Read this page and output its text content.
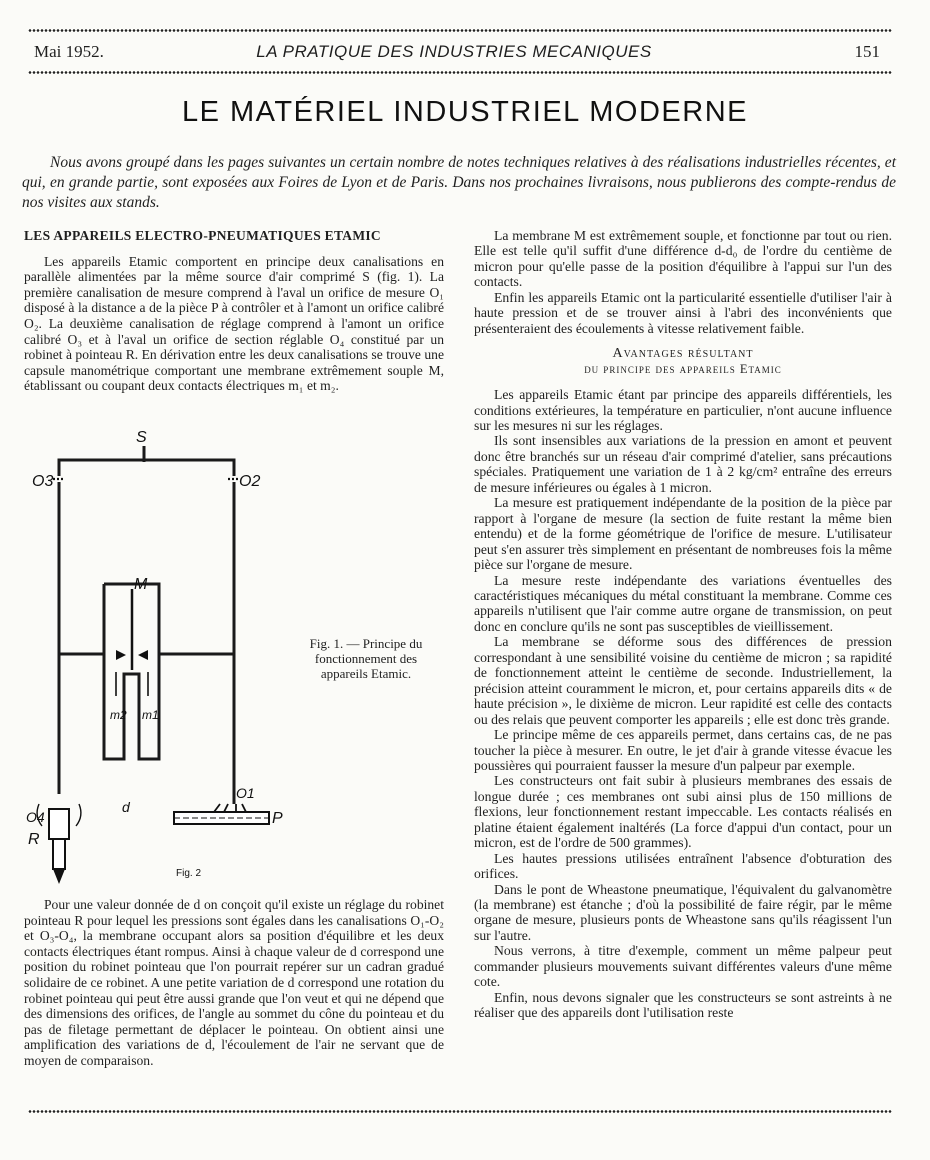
Mai 1952.	LA PRATIQUE DES INDUSTRIES MECANIQUES	151
LE MATÉRIEL INDUSTRIEL MODERNE
Nous avons groupé dans les pages suivantes un certain nombre de notes techniques relatives à des réalisations industrielles récentes, et qui, en grande partie, sont exposées aux Foires de Lyon et de Paris. Dans nos prochaines livraisons, nous publierons des compte-rendus de nos visites aux stands.
LES APPAREILS ELECTRO-PNEUMATIQUES ETAMIC

Les appareils Etamic comportent en principe deux canalisations en parallèle alimentées par la même source d'air comprimé S (fig. 1). La première canalisation de mesure comprend à l'aval un orifice de mesure O₁ disposé à la distance a de la pièce P à contrôler et à l'amont un orifice calibré O₂. La deuxième canalisation de réglage comprend à l'amont un orifice calibré O₃ et à l'aval un orifice de section réglable O₄ constitué par un robinet à pointeau R. En dérivation entre les deux canalisations se trouve une capsule manométrique comportant une membrane extrêmement souple M, établissant ou coupant deux contacts électriques m₁ et m₂.

S
O3	O2
M
m2 m1
O1
O4	P
R
d
Fig. 2
Fig. 1. — Principe du fonctionnement des appareils Etamic.

Pour une valeur donnée de d on conçoit qu'il existe un réglage du robinet pointeau R pour lequel les pressions sont égales dans les canalisations O₁-O₂ et O₃-O₄, la membrane occupant alors sa position d'équilibre et les deux contacts électriques étant rompus. Ainsi à chaque valeur de d correspond une position du robinet pointeau que l'on pourrait repérer sur un cadran gradué solidaire de ce robinet. A une petite variation de d correspond une rotation du robinet pointeau qui peut être aussi grande que l'on veut et qui ne dépend que des dimensions des orifices, de l'angle au sommet du cône du pointeau et du pas de filetage permettant de déplacer le pointeau. On obtient ainsi une amplification des variations de d, l'écoulement de l'air ne servant que de moyen de comparaison.

La membrane M est extrêmement souple, et fonctionne par tout ou rien. Elle est telle qu'il suffit d'une différence d-d₀ de l'ordre du centième de micron pour qu'elle passe de la position d'équilibre à l'appui sur l'un des contacts.

Enfin les appareils Etamic ont la particularité essentielle d'utiliser l'air à haute pression et de se trouver ainsi à l'abri des inconvénients que présenteraient des écoulements à vitesse relativement faible.

Avantages résultant
du principe des appareils Etamic

Les appareils Etamic étant par principe des appareils différentiels, les conditions extérieures, la température en particulier, n'ont aucune influence sur les mesures ni sur les réglages.

Ils sont insensibles aux variations de la pression en amont et peuvent donc être branchés sur un réseau d'air comprimé d'atelier, sans précautions spéciales. Pratiquement une variation de 1 à 2 kg/cm² entraîne des erreurs de mesure inférieures ou égales à 1 micron.

La mesure est pratiquement indépendante de la position de la pièce par rapport à l'organe de mesure (la section de fuite restant la même bien entendu) et de la forme géométrique de l'orifice de mesure. L'utilisateur peut s'en assurer très simplement en présentant de nombreuses fois la même pièce sur l'organe de mesure.

La mesure reste indépendante des variations éventuelles des caractéristiques mécaniques du métal constituant la membrane. Comme ces appareils n'utilisent que l'air comme autre organe de transmission, on peut donc en conclure qu'ils ne sont pas susceptibles de vieillissement.

La membrane se déforme sous des différences de pression correspondant à une sensibilité voisine du centième de micron ; sa rapidité de fonctionnement atteint le centième de seconde. Industriellement, la précision atteint couramment le micron, et, pour certains appareils dits « de haute précision », le dixième de micron. Leur rapidité est celle des contacts ou des relais que peuvent comporter les appareils ; elle est donc très grande.

Le principe même de ces appareils permet, dans certains cas, de ne pas toucher la pièce à mesurer. En outre, le jet d'air à grande vitesse évacue les poussières qui pourraient fausser la mesure d'un palpeur par exemple.

Les constructeurs ont fait subir à plusieurs membranes des essais de longue durée ; ces membranes ont subi ainsi plus de 150 millions de flexions, leur fonctionnement restant impeccable. Les contacts réalisés en platine étaient également inaltérés (La force d'appui d'un contact, pour un micron, est de l'ordre de 500 grammes).

Les hautes pressions utilisées entraînent l'absence d'obturation des orifices.

Dans le pont de Wheastone pneumatique, l'équivalent du galvanomètre (la membrane) est étanche ; d'où la possibilité de faire régir, par le même organe de mesure, plusieurs ponts de Wheastone sans qu'ils réagissent l'un sur l'autre.

Nous verrons, à titre d'exemple, comment un même palpeur peut commander plusieurs mouvements suivant différentes valeurs d'une même cote.

Enfin, nous devons signaler que les constructeurs se sont astreints à ne réaliser que des appareils dont l'utilisation reste
